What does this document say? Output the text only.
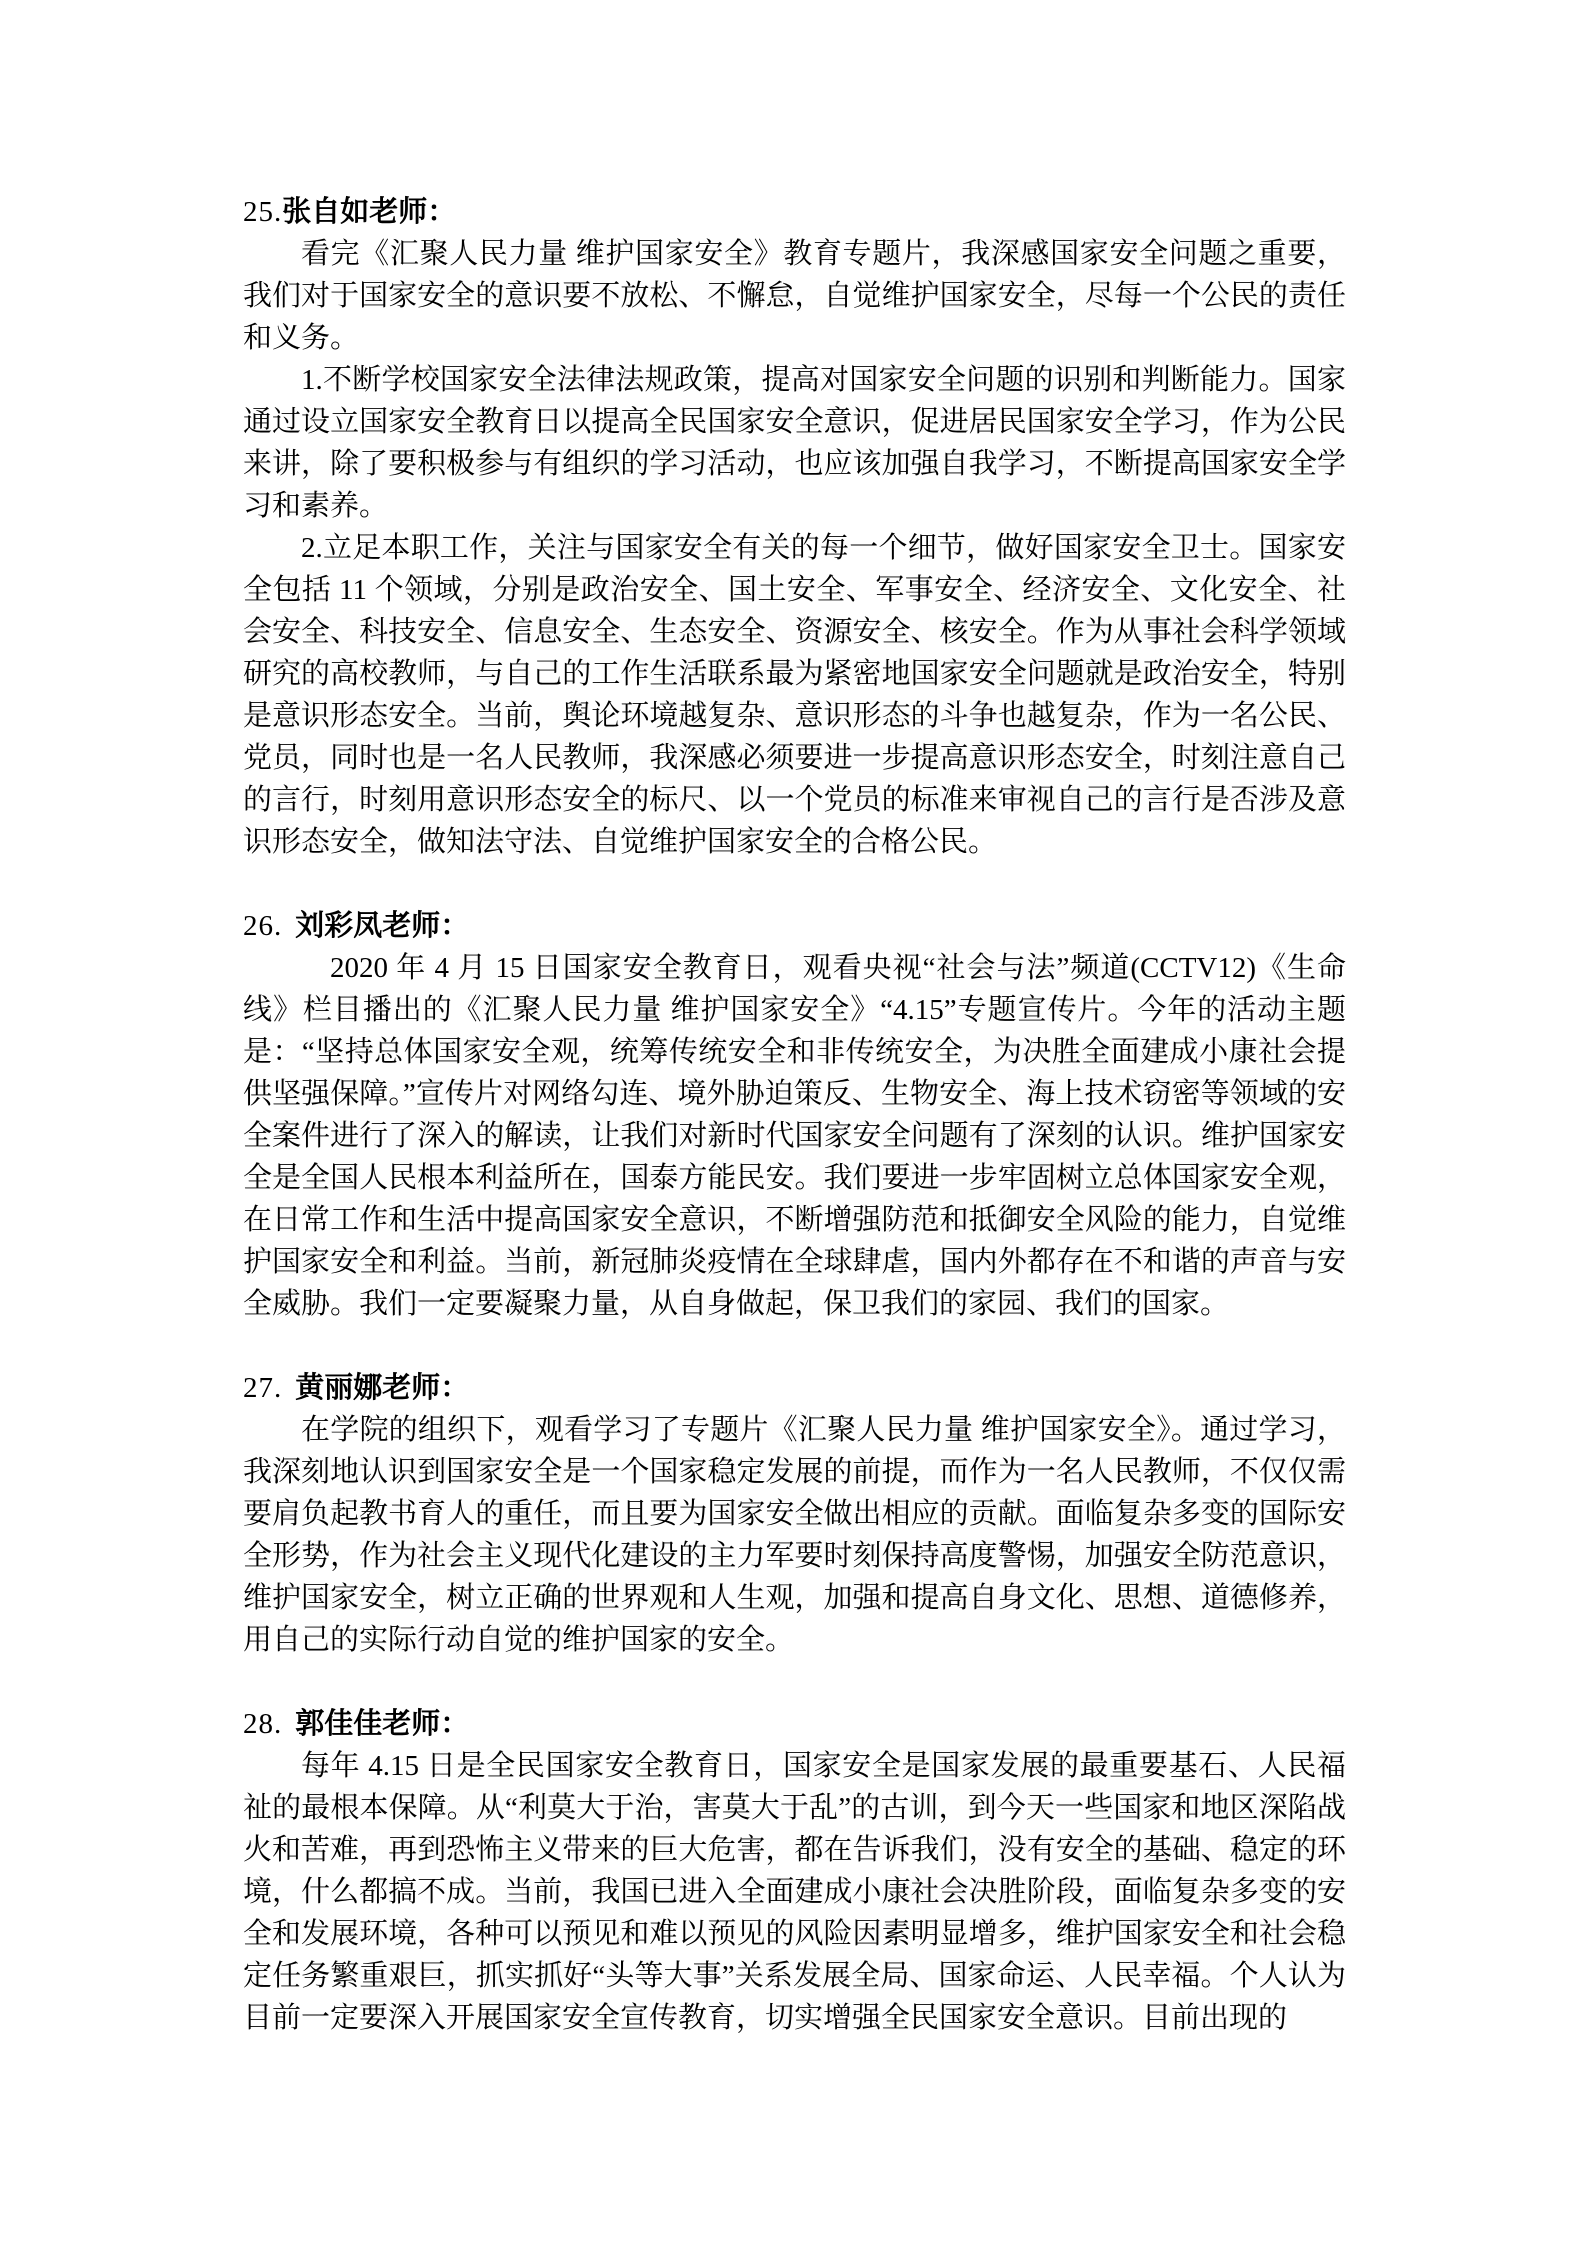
25.张自如老师：

看完《汇聚人民力量 维护国家安全》教育专题片，我深感国家安全问题之重要，我们对于国家安全的意识要不放松、不懈怠，自觉维护国家安全，尽每一个公民的责任和义务。

1.不断学校国家安全法律法规政策，提高对国家安全问题的识别和判断能力。国家通过设立国家安全教育日以提高全民国家安全意识，促进居民国家安全学习，作为公民来讲，除了要积极参与有组织的学习活动，也应该加强自我学习，不断提高国家安全学习和素养。

2.立足本职工作，关注与国家安全有关的每一个细节，做好国家安全卫士。国家安全包括 11 个领域，分别是政治安全、国土安全、军事安全、经济安全、文化安全、社会安全、科技安全、信息安全、生态安全、资源安全、核安全。作为从事社会科学领域研究的高校教师，与自己的工作生活联系最为紧密地国家安全问题就是政治安全，特别是意识形态安全。当前，舆论环境越复杂、意识形态的斗争也越复杂，作为一名公民、党员，同时也是一名人民教师，我深感必须要进一步提高意识形态安全，时刻注意自己的言行，时刻用意识形态安全的标尺、以一个党员的标准来审视自己的言行是否涉及意识形态安全，做知法守法、自觉维护国家安全的合格公民。

26. 刘彩凤老师：

2020 年 4 月 15 日国家安全教育日，观看央视“社会与法”频道(CCTV12)《生命线》栏目播出的《汇聚人民力量 维护国家安全》“4.15”专题宣传片。今年的活动主题是：“坚持总体国家安全观，统筹传统安全和非传统安全，为决胜全面建成小康社会提供坚强保障。”宣传片对网络勾连、境外胁迫策反、生物安全、海上技术窃密等领域的安全案件进行了深入的解读，让我们对新时代国家安全问题有了深刻的认识。维护国家安全是全国人民根本利益所在，国泰方能民安。我们要进一步牢固树立总体国家安全观，在日常工作和生活中提高国家安全意识，不断增强防范和抵御安全风险的能力，自觉维护国家安全和利益。当前，新冠肺炎疫情在全球肆虐，国内外都存在不和谐的声音与安全威胁。我们一定要凝聚力量，从自身做起，保卫我们的家园、我们的国家。

27. 黄丽娜老师：

在学院的组织下，观看学习了专题片《汇聚人民力量 维护国家安全》。通过学习，我深刻地认识到国家安全是一个国家稳定发展的前提，而作为一名人民教师，不仅仅需要肩负起教书育人的重任，而且要为国家安全做出相应的贡献。面临复杂多变的国际安全形势，作为社会主义现代化建设的主力军要时刻保持高度警惕，加强安全防范意识，维护国家安全，树立正确的世界观和人生观，加强和提高自身文化、思想、道德修养，用自己的实际行动自觉的维护国家的安全。

28. 郭佳佳老师：

每年 4.15 日是全民国家安全教育日，国家安全是国家发展的最重要基石、人民福祉的最根本保障。从“利莫大于治，害莫大于乱”的古训，到今天一些国家和地区深陷战火和苦难，再到恐怖主义带来的巨大危害，都在告诉我们，没有安全的基础、稳定的环境，什么都搞不成。当前，我国已进入全面建成小康社会决胜阶段，面临复杂多变的安全和发展环境，各种可以预见和难以预见的风险因素明显增多，维护国家安全和社会稳定任务繁重艰巨，抓实抓好“头等大事”关系发展全局、国家命运、人民幸福。个人认为目前一定要深入开展国家安全宣传教育，切实增强全民国家安全意识。目前出现的
